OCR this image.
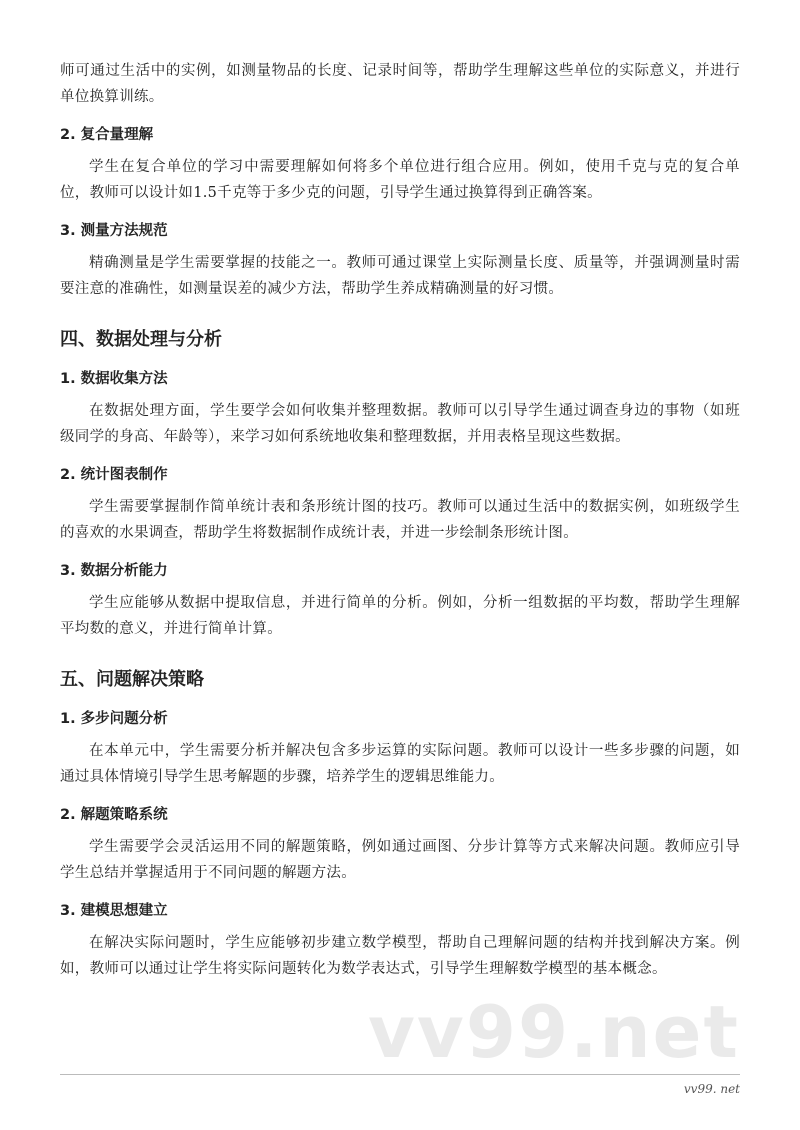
师可通过生活中的实例，如测量物品的长度、记录时间等，帮助学生理解这些单位的实际意义，并进行单位换算训练。

2. 复合量理解

学生在复合单位的学习中需要理解如何将多个单位进行组合应用。例如，使用千克与克的复合单位，教师可以设计如1.5千克等于多少克的问题，引导学生通过换算得到正确答案。

3. 测量方法规范

精确测量是学生需要掌握的技能之一。教师可通过课堂上实际测量长度、质量等，并强调测量时需要注意的准确性，如测量误差的减少方法，帮助学生养成精确测量的好习惯。

四、数据处理与分析
1. 数据收集方法

在数据处理方面，学生要学会如何收集并整理数据。教师可以引导学生通过调查身边的事物（如班级同学的身高、年龄等），来学习如何系统地收集和整理数据，并用表格呈现这些数据。

2. 统计图表制作

学生需要掌握制作简单统计表和条形统计图的技巧。教师可以通过生活中的数据实例，如班级学生的喜欢的水果调查，帮助学生将数据制作成统计表，并进一步绘制条形统计图。

3. 数据分析能力

学生应能够从数据中提取信息，并进行简单的分析。例如，分析一组数据的平均数，帮助学生理解平均数的意义，并进行简单计算。

五、问题解决策略
1. 多步问题分析

在本单元中，学生需要分析并解决包含多步运算的实际问题。教师可以设计一些多步骤的问题，如通过具体情境引导学生思考解题的步骤，培养学生的逻辑思维能力。

2. 解题策略系统

学生需要学会灵活运用不同的解题策略，例如通过画图、分步计算等方式来解决问题。教师应引导学生总结并掌握适用于不同问题的解题方法。

3. 建模思想建立

在解决实际问题时，学生应能够初步建立数学模型，帮助自己理解问题的结构并找到解决方案。例如，教师可以通过让学生将实际问题转化为数学表达式，引导学生理解数学模型的基本概念。

vv99.net
vv99. net
